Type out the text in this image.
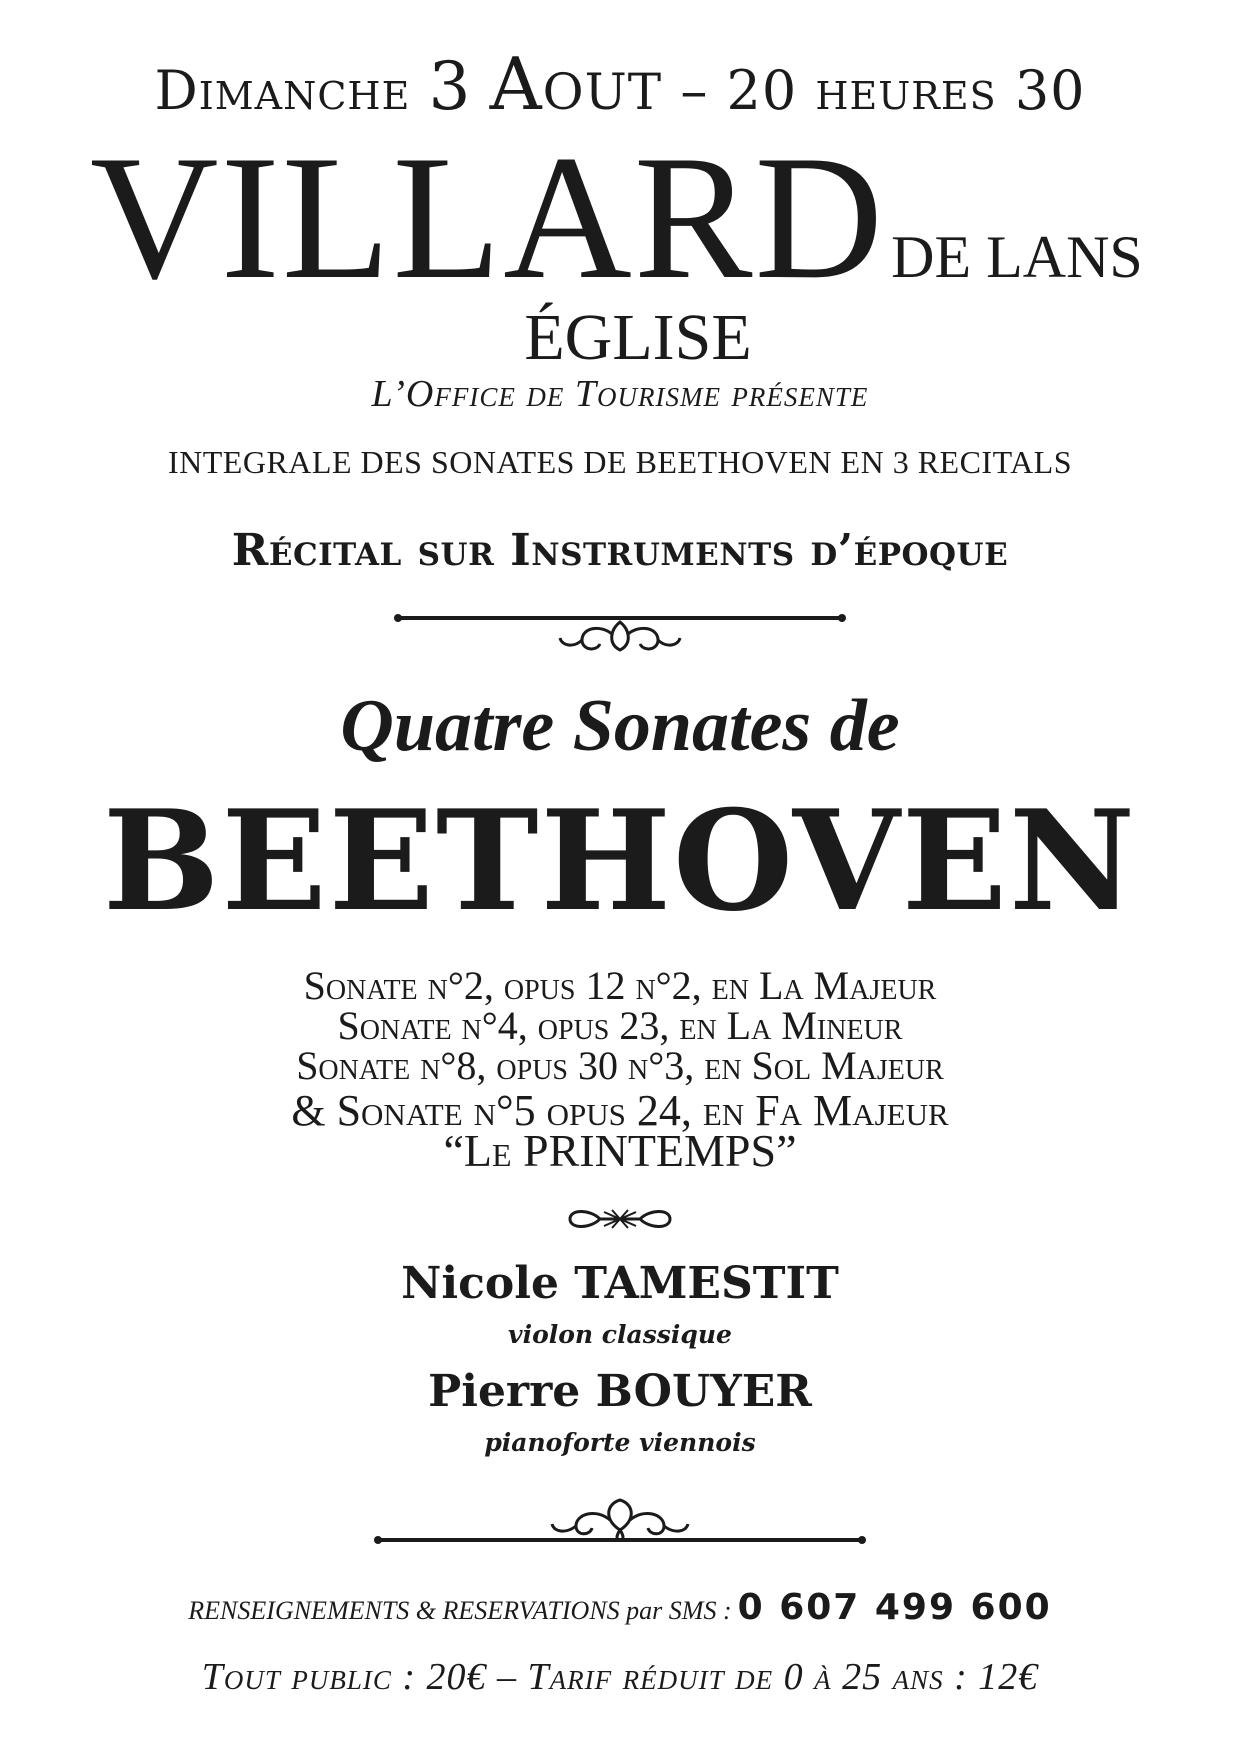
Dimanche 3 Aout – 20 heures 30

VILLARD DE LANS

ÉGLISE

L’Office de Tourisme présente

INTEGRALE DES SONATES DE BEETHOVEN EN 3 RECITALS

Récital sur Instruments d’époque

Quatre Sonates de

BEETHOVEN

Sonate n°2, opus 12 n°2, en La Majeur

Sonate n°4, opus 23, en La Mineur

Sonate n°8, opus 30 n°3, en Sol Majeur

& Sonate n°5 opus 24, en Fa Majeur

“Le PRINTEMPS”

Nicole TAMESTIT

violon classique

Pierre BOUYER

pianoforte viennois

RENSEIGNEMENTS & RESERVATIONS par SMS : 0 607 499 600

Tout public : 20€ – Tarif réduit de 0 à 25 ans : 12€
